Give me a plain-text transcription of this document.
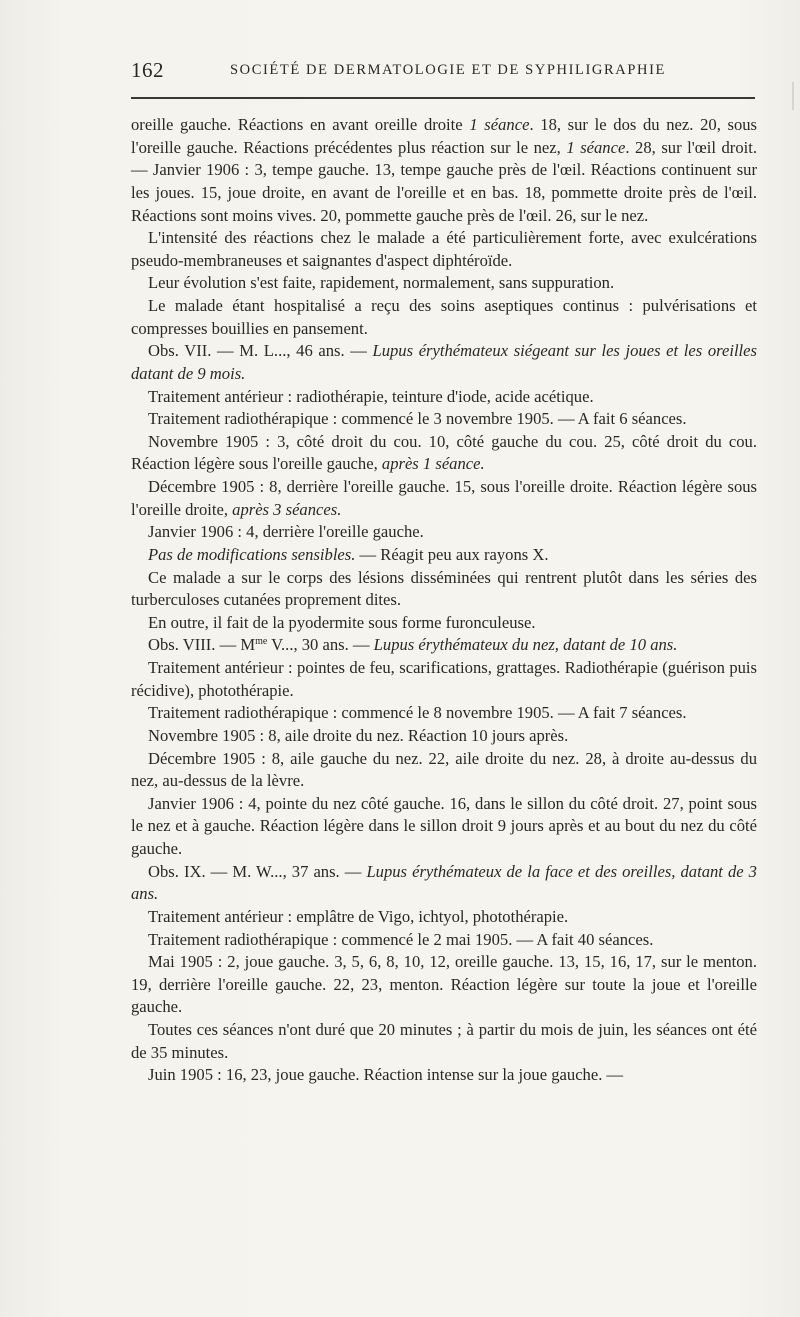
162	SOCIÉTÉ DE DERMATOLOGIE ET DE SYPHILIGRAPHIE

oreille gauche. Réactions en avant oreille droite 1 séance. 18, sur le dos du nez. 20, sous l'oreille gauche. Réactions précédentes plus réaction sur le nez, 1 séance. 28, sur l'œil droit. — Janvier 1906 : 3, tempe gauche. 13, tempe gauche près de l'œil. Réactions continuent sur les joues. 15, joue droite, en avant de l'oreille et en bas. 18, pommette droite près de l'œil. Réactions sont moins vives. 20, pommette gauche près de l'œil. 26, sur le nez.

L'intensité des réactions chez le malade a été particulièrement forte, avec exulcérations pseudo-membraneuses et saignantes d'aspect diphtéroïde.

Leur évolution s'est faite, rapidement, normalement, sans suppuration.

Le malade étant hospitalisé a reçu des soins aseptiques continus : pulvérisations et compresses bouillies en pansement.

Obs. VII. — M. L..., 46 ans. — Lupus érythémateux siégeant sur les joues et les oreilles datant de 9 mois.

Traitement antérieur : radiothérapie, teinture d'iode, acide acétique.

Traitement radiothérapique : commencé le 3 novembre 1905. — A fait 6 séances.

Novembre 1905 : 3, côté droit du cou. 10, côté gauche du cou. 25, côté droit du cou. Réaction légère sous l'oreille gauche, après 1 séance.

Décembre 1905 : 8, derrière l'oreille gauche. 15, sous l'oreille droite. Réaction légère sous l'oreille droite, après 3 séances.

Janvier 1906 : 4, derrière l'oreille gauche.

Pas de modifications sensibles. — Réagit peu aux rayons X.

Ce malade a sur le corps des lésions disséminées qui rentrent plutôt dans les séries des turberculoses cutanées proprement dites.

En outre, il fait de la pyodermite sous forme furonculeuse.

Obs. VIII. — $M^{me}$ V..., 30 ans. — Lupus érythémateux du nez, datant de 10 ans.

Traitement antérieur : pointes de feu, scarifications, grattages. Radiothérapie (guérison puis récidive), photothérapie.

Traitement radiothérapique : commencé le 8 novembre 1905. — A fait 7 séances.

Novembre 1905 : 8, aile droite du nez. Réaction 10 jours après.

Décembre 1905 : 8, aile gauche du nez. 22, aile droite du nez. 28, à droite au-dessus du nez, au-dessus de la lèvre.

Janvier 1906 : 4, pointe du nez côté gauche. 16, dans le sillon du côté droit. 27, point sous le nez et à gauche. Réaction légère dans le sillon droit 9 jours après et au bout du nez du côté gauche.

Obs. IX. — M. W..., 37 ans. — Lupus érythémateux de la face et des oreilles, datant de 3 ans.

Traitement antérieur : emplâtre de Vigo, ichtyol, photothérapie.

Traitement radiothérapique : commencé le 2 mai 1905. — A fait 40 séances.

Mai 1905 : 2, joue gauche. 3, 5, 6, 8, 10, 12, oreille gauche. 13, 15, 16, 17, sur le menton. 19, derrière l'oreille gauche. 22, 23, menton. Réaction légère sur toute la joue et l'oreille gauche.

Toutes ces séances n'ont duré que 20 minutes ; à partir du mois de juin, les séances ont été de 35 minutes.

Juin 1905 : 16, 23, joue gauche. Réaction intense sur la joue gauche. —
